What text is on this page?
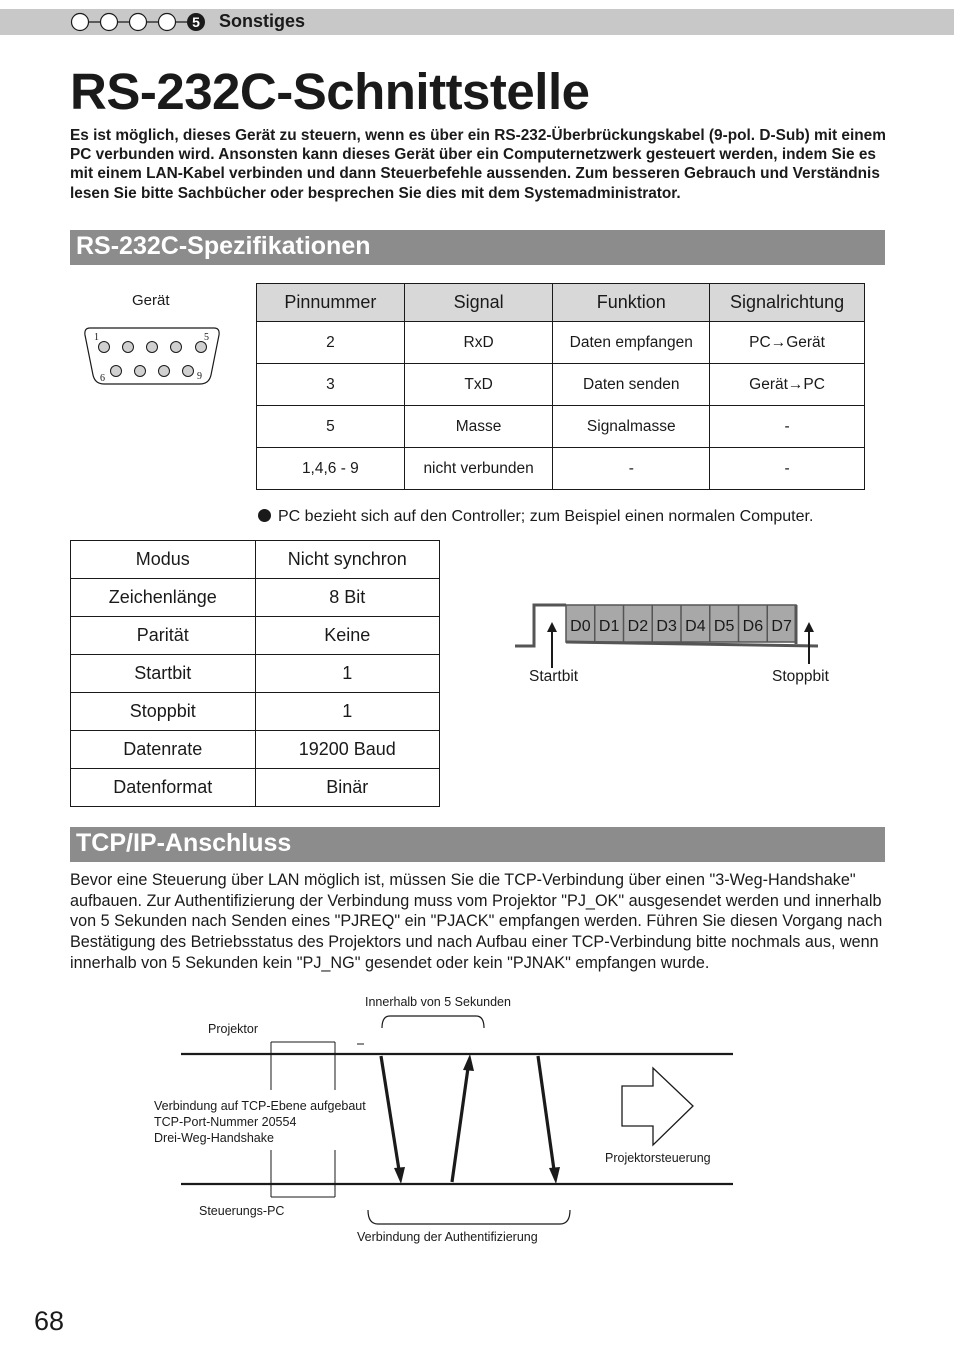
5 Sonstiges
RS-232C-Schnittstelle

Es ist möglich, dieses Gerät zu steuern, wenn es über ein RS-232-Überbrückungskabel (9-pol. D-Sub) mit einem PC verbunden wird. Ansonsten kann dieses Gerät über ein Computernetzwerk gesteuert werden, indem Sie es mit einem LAN-Kabel verbinden und dann Steuerbefehle aussenden. Zum besseren Gebrauch und Verständnis lesen Sie bitte Sachbücher oder besprechen Sie dies mit dem Systemadministrator.

RS-232C-Spezifikationen
Gerät
1	5
6	9
Pinnummer	Signal	Funktion	Signalrichtung
2	RxD	Daten empfangen	PC→Gerät
3	TxD	Daten senden	Gerät→PC
5	Masse	Signalmasse	-
1,4,6 - 9	nicht verbunden	-	-
PC bezieht sich auf den Controller; zum Beispiel einen normalen Computer.
Modus	Nicht synchron
Zeichenlänge	8 Bit
Parität	Keine
Startbit	1
Stoppbit	1
Datenrate	19200 Baud
Datenformat	Binär
D0 D1 D2 D3 D4 D5 D6 D7
Startbit	Stoppbit
TCP/IP-Anschluss

Bevor eine Steuerung über LAN möglich ist, müssen Sie die TCP-Verbindung über einen "3-Weg-Handshake" aufbauen. Zur Authentifizierung der Verbindung muss vom Projektor "PJ_OK" ausgesendet werden und innerhalb von 5 Sekunden nach Senden eines "PJREQ" ein "PJACK" empfangen werden. Führen Sie diesen Vorgang nach Bestätigung des Betriebsstatus des Projektors und nach Aufbau einer TCP-Verbindung bitte nochmals aus, wenn innerhalb von 5 Sekunden kein "PJ_NG" gesendet oder kein "PJNAK" empfangen wurde.

Projektor
Innerhalb von 5 Sekunden
Verbindung auf TCP-Ebene aufgebaut
TCP-Port-Nummer 20554
Drei-Weg-Handshake
Projektorsteuerung
Steuerungs-PC
Verbindung der Authentifizierung
68
